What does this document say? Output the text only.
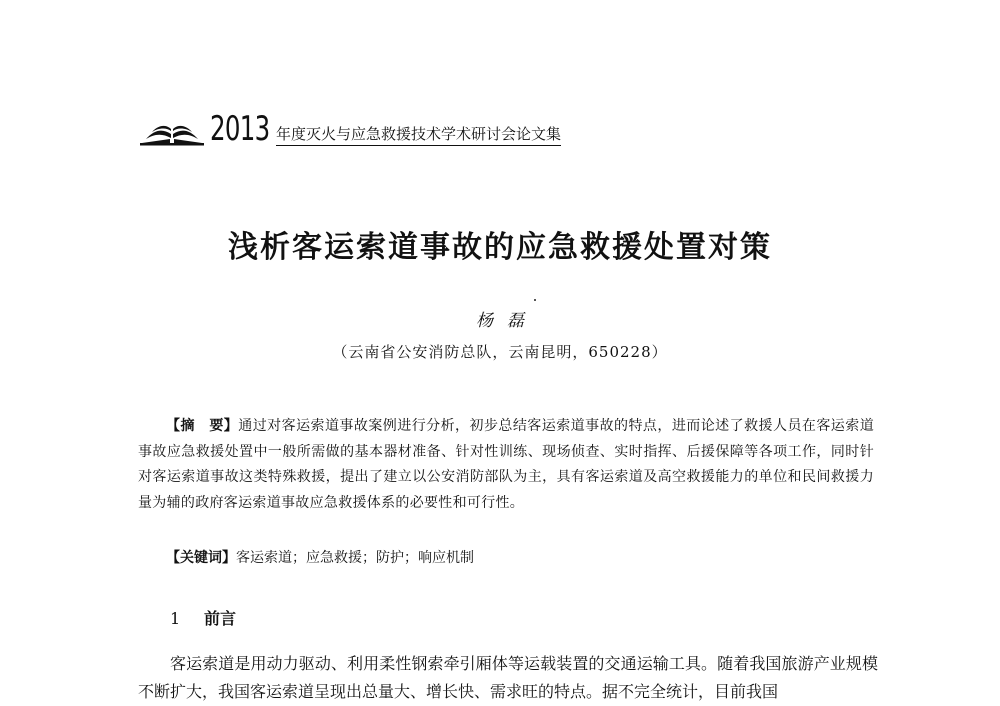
2013 年度灭火与应急救援技术学术研讨会论文集
浅析客运索道事故的应急救援处置对策
杨磊
（云南省公安消防总队，云南昆明，650228）

【摘　要】通过对客运索道事故案例进行分析，初步总结客运索道事故的特点，进而论述了救援人员在客运索道事故应急救援处置中一般所需做的基本器材准备、针对性训练、现场侦查、实时指挥、后援保障等各项工作，同时针对客运索道事故这类特殊救援，提出了建立以公安消防部队为主，具有客运索道及高空救援能力的单位和民间救援力量为辅的政府客运索道事故应急救援体系的必要性和可行性。

【关键词】客运索道；应急救援；防护；响应机制
1 前言

客运索道是用动力驱动、利用柔性钢索牵引厢体等运载装置的交通运输工具。随着我国旅游产业规模不断扩大，我国客运索道呈现出总量大、增长快、需求旺的特点。据不完全统计，目前我国
